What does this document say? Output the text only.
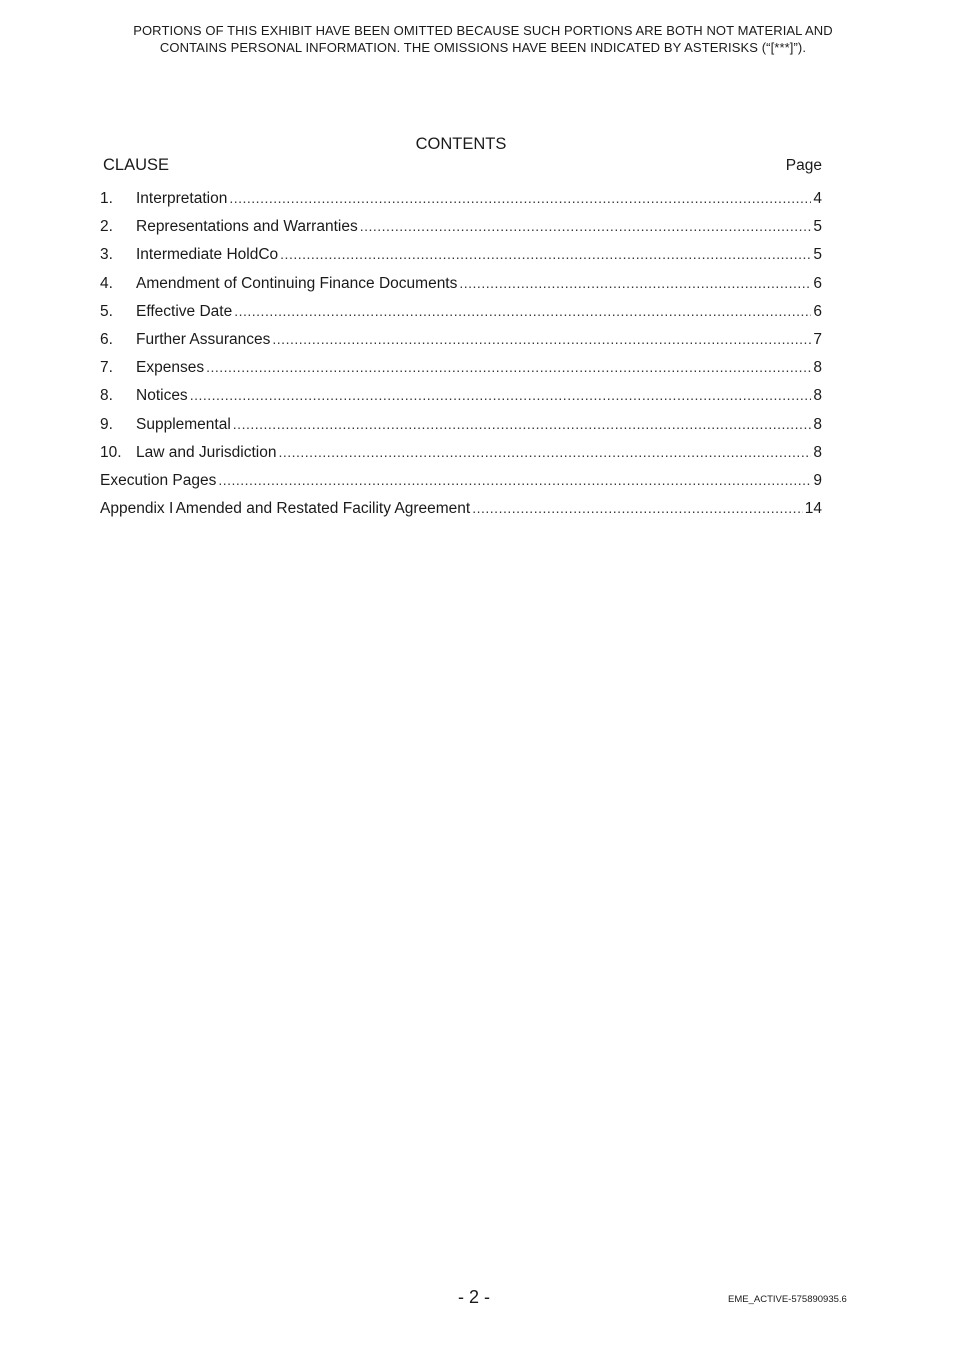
PORTIONS OF THIS EXHIBIT HAVE BEEN OMITTED BECAUSE SUCH PORTIONS ARE BOTH NOT MATERIAL AND
CONTAINS PERSONAL INFORMATION. THE OMISSIONS HAVE BEEN INDICATED BY ASTERISKS (“[***]”).
CONTENTS
CLAUSE	Page
1.	Interpretation .....	4
2.	Representations and Warranties .....	5
3.	Intermediate HoldCo .....	5
4.	Amendment of Continuing Finance Documents .....	6
5.	Effective Date .....	6
6.	Further Assurances .....	7
7.	Expenses .....	8
8.	Notices .....	8
9.	Supplemental .....	8
10. Law and Jurisdiction .....	8
Execution Pages .....	9
Appendix I Amended and Restated Facility Agreement .....	14
- 2 -	EME_ACTIVE-575890935.6
